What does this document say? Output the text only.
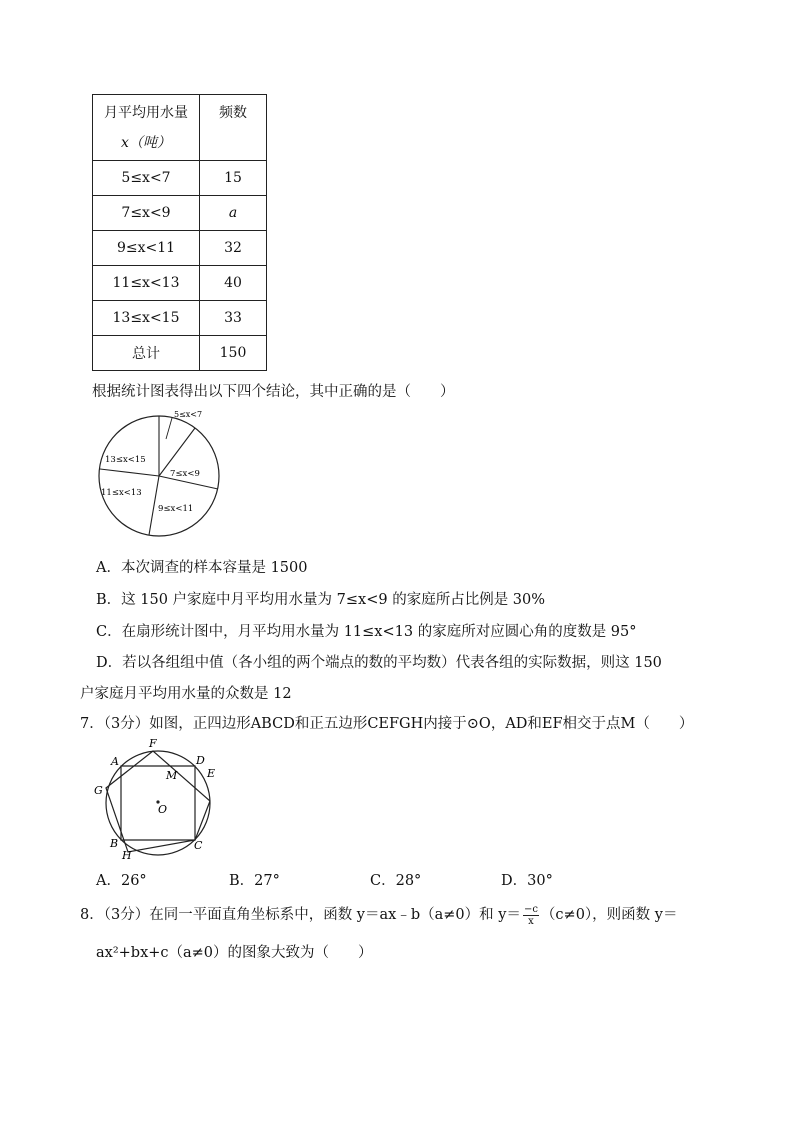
月平均用水量
x（吨）	频数
5≤x<7	15
7≤x<9	a
9≤x<11	32
11≤x<13	40
13≤x<15	33
总计	150
根据统计图表得出以下四个结论，其中正确的是（　　）
5≤x<7
7≤x<9
9≤x<11
11≤x<13
13≤x<15
A．本次调查的样本容量是 1500
B．这 150 户家庭中月平均用水量为 7≤x<9 的家庭所占比例是 30%
C．在扇形统计图中，月平均用水量为 11≤x<13 的家庭所对应圆心角的度数是 95°
D．若以各组组中值（各小组的两个端点的数的平均数）代表各组的实际数据，则这 150
户家庭月平均用水量的众数是 12
7．（3分）如图，正四边形ABCD和正五边形CEFGH内接于⊙O，AD和EF相交于点M（　　）
A
F
D
E
M
G
O
B
H
C
A．26°	B．27°	C．28°	D．30°
8．（3分）在同一平面直角坐标系中，函数 y＝ax﹣b（a≠0）和 $y= \frac{-c}{x} (c\ne 0)$，则函数 y＝
ax²+bx+c（a≠0）的图象大致为（　　）
